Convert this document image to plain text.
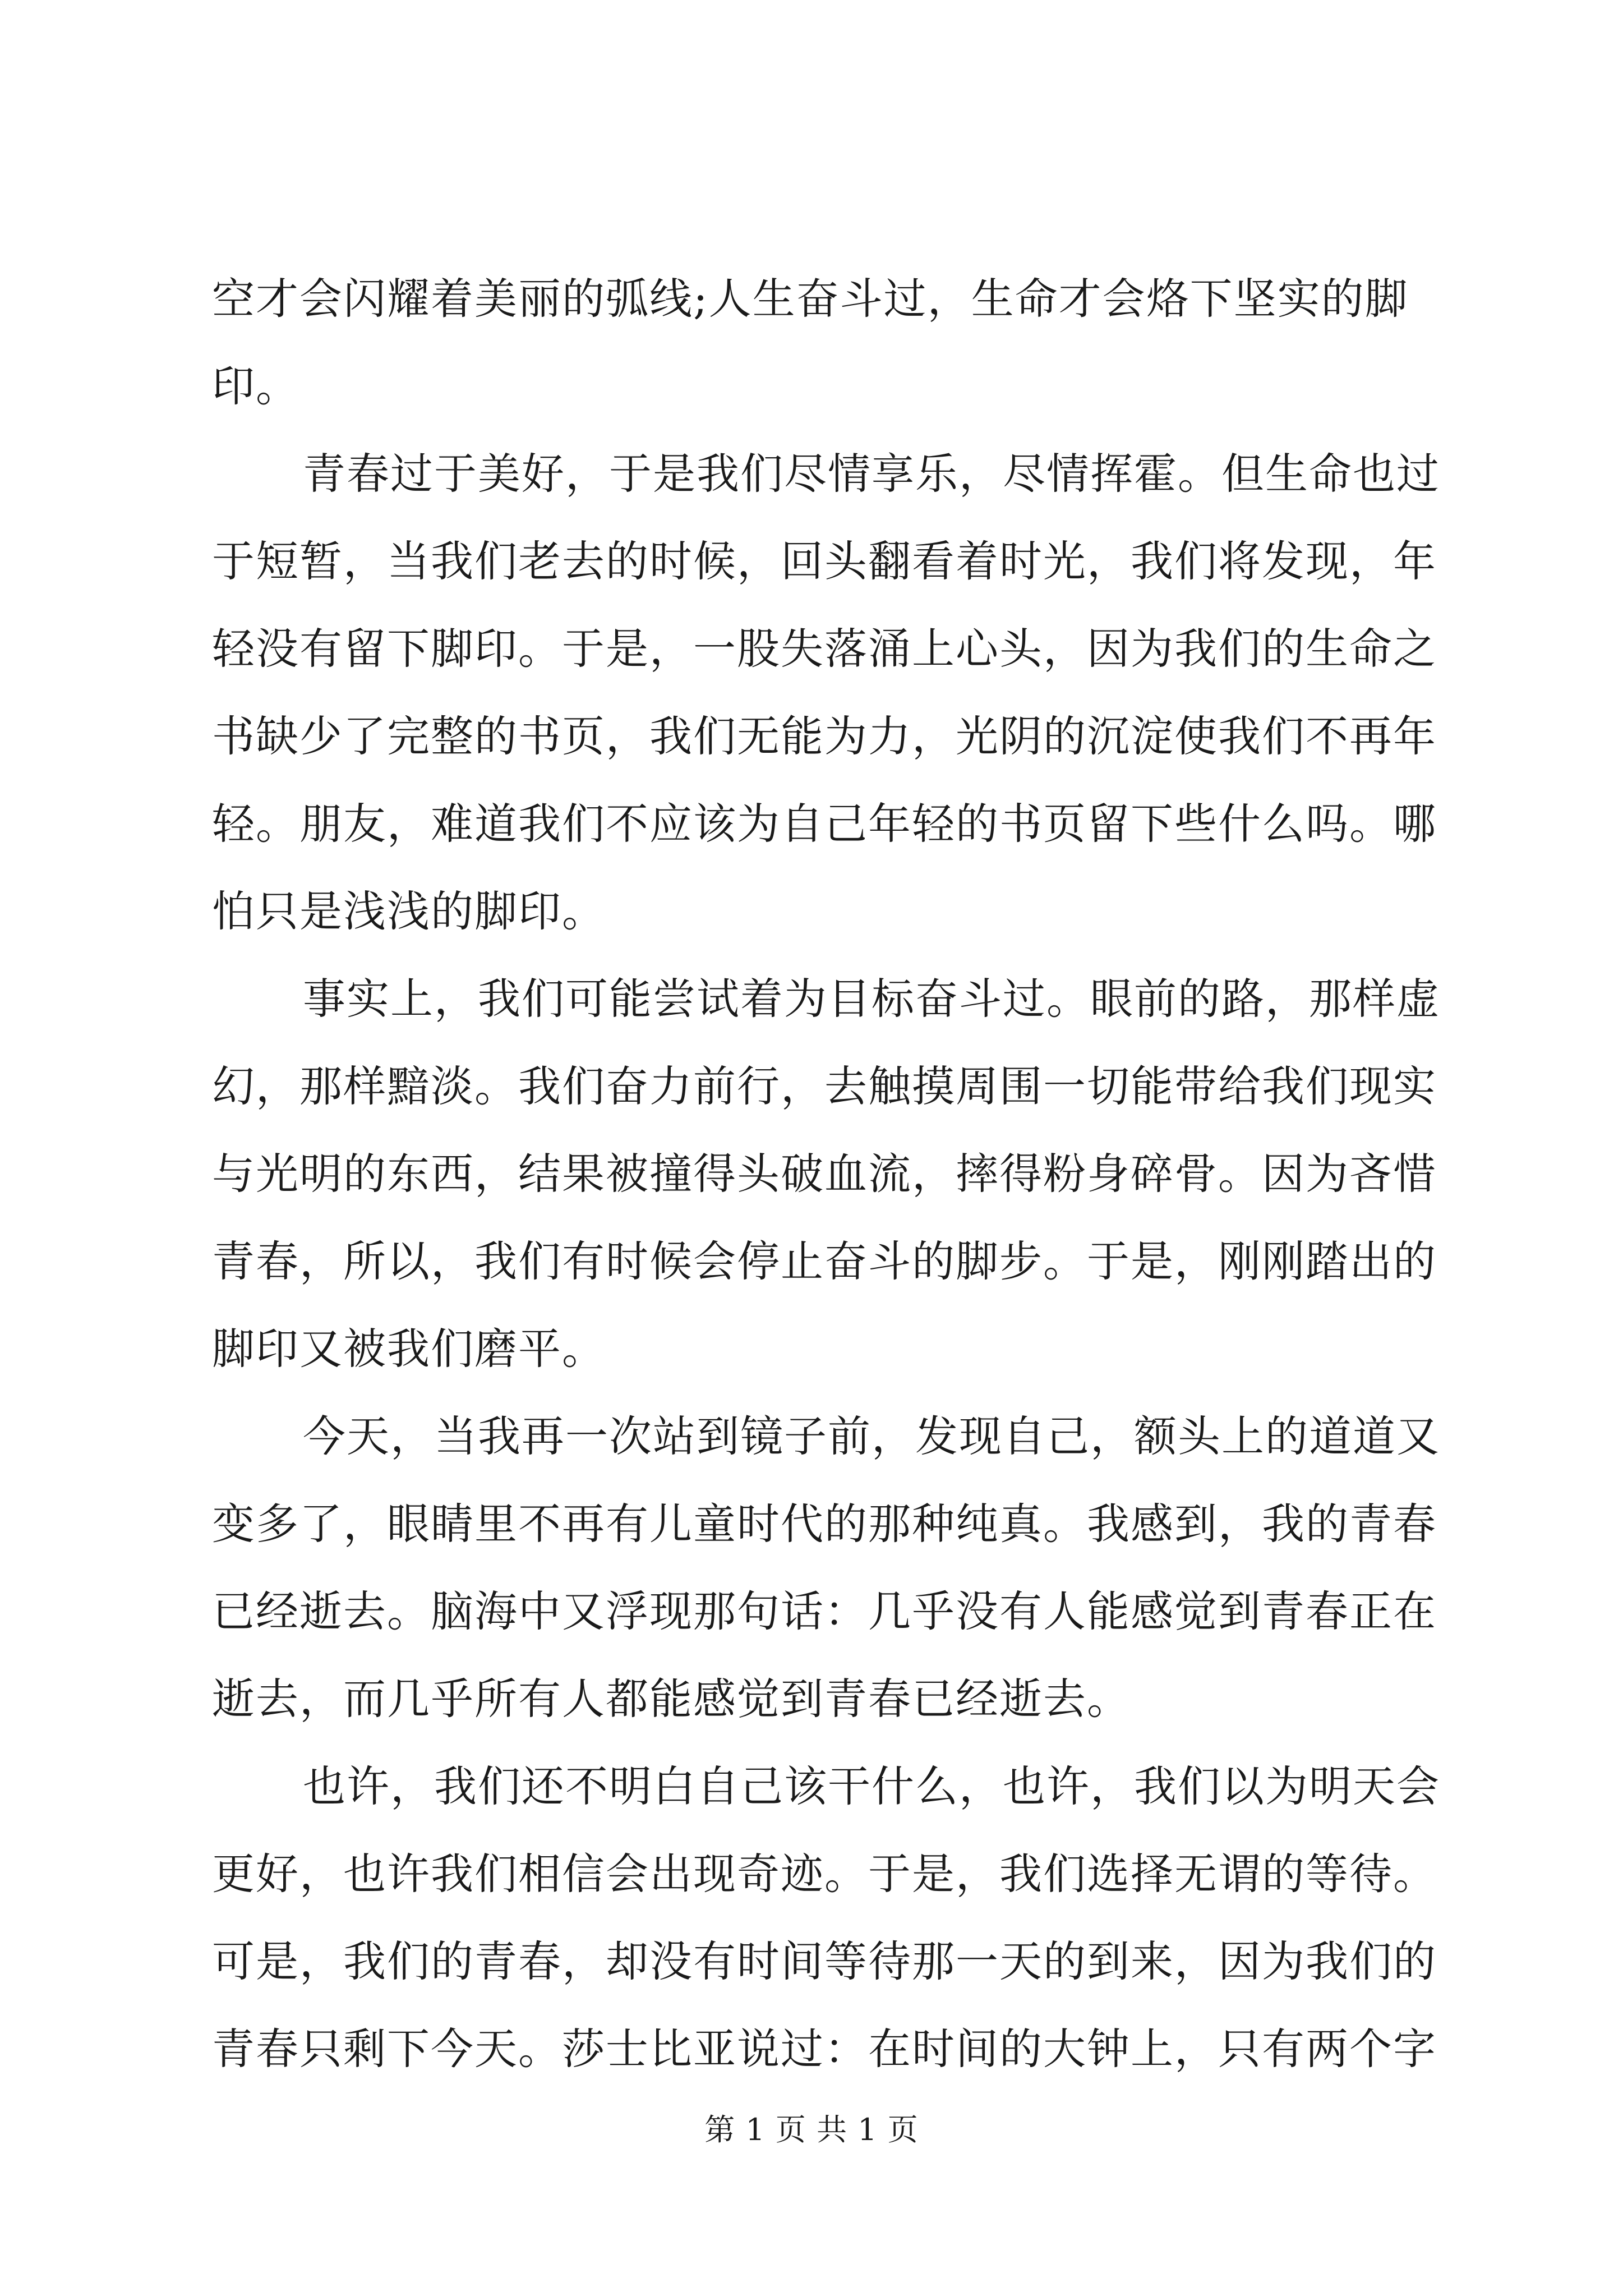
空才会闪耀着美丽的弧线;人生奋斗过，生命才会烙下坚实的脚
印。
青春过于美好，于是我们尽情享乐，尽情挥霍。但生命也过
于短暂，当我们老去的时候，回头翻看着时光，我们将发现，年
轻没有留下脚印。于是，一股失落涌上心头，因为我们的生命之
书缺少了完整的书页，我们无能为力，光阴的沉淀使我们不再年
轻。朋友，难道我们不应该为自己年轻的书页留下些什么吗。哪
怕只是浅浅的脚印。
事实上，我们可能尝试着为目标奋斗过。眼前的路，那样虚
幻，那样黯淡。我们奋力前行，去触摸周围一切能带给我们现实
与光明的东西，结果被撞得头破血流，摔得粉身碎骨。因为吝惜
青春，所以，我们有时候会停止奋斗的脚步。于是，刚刚踏出的
脚印又被我们磨平。
今天，当我再一次站到镜子前，发现自己，额头上的道道又
变多了，眼睛里不再有儿童时代的那种纯真。我感到，我的青春
已经逝去。脑海中又浮现那句话：几乎没有人能感觉到青春正在
逝去，而几乎所有人都能感觉到青春已经逝去。
也许，我们还不明白自己该干什么，也许，我们以为明天会
更好，也许我们相信会出现奇迹。于是，我们选择无谓的等待。
可是，我们的青春，却没有时间等待那一天的到来，因为我们的
青春只剩下今天。莎士比亚说过：在时间的大钟上，只有两个字
第 1 页 共 1 页
